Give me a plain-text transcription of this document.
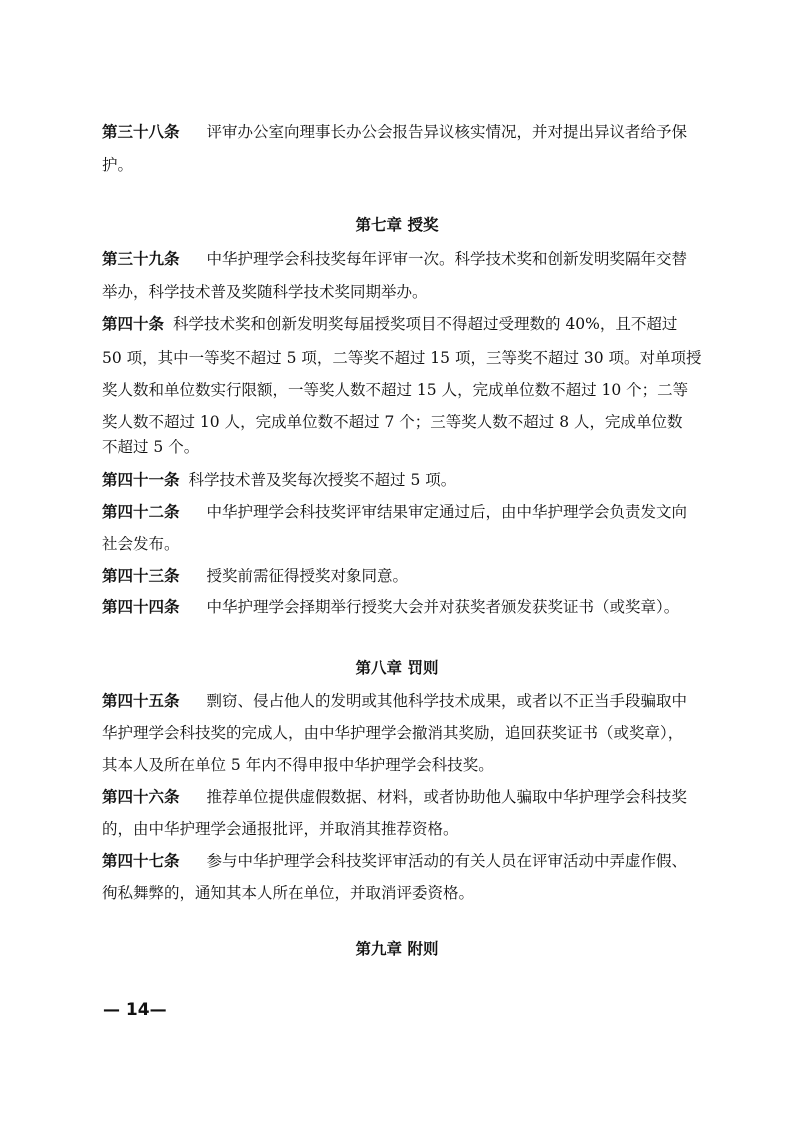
第三十八条 评审办公室向理事长办公会报告异议核实情况，并对提出异议者给予保
护。
第七章 授奖
第三十九条 中华护理学会科技奖每年评审一次。科学技术奖和创新发明奖隔年交替
举办，科学技术普及奖随科学技术奖同期举办。
第四十条 科学技术奖和创新发明奖每届授奖项目不得超过受理数的 40%，且不超过
50 项，其中一等奖不超过 5 项，二等奖不超过 15 项，三等奖不超过 30 项。对单项授
奖人数和单位数实行限额，一等奖人数不超过 15 人，完成单位数不超过 10 个；二等
奖人数不超过 10 人，完成单位数不超过 7 个；三等奖人数不超过 8 人，完成单位数
不超过 5 个。
第四十一条 科学技术普及奖每次授奖不超过 5 项。
第四十二条 中华护理学会科技奖评审结果审定通过后，由中华护理学会负责发文向
社会发布。
第四十三条 授奖前需征得授奖对象同意。
第四十四条 中华护理学会择期举行授奖大会并对获奖者颁发获奖证书（或奖章）。
第八章 罚则
第四十五条 剽窃、侵占他人的发明或其他科学技术成果，或者以不正当手段骗取中
华护理学会科技奖的完成人，由中华护理学会撤消其奖励，追回获奖证书（或奖章），
其本人及所在单位 5 年内不得申报中华护理学会科技奖。
第四十六条 推荐单位提供虚假数据、材料，或者协助他人骗取中华护理学会科技奖
的，由中华护理学会通报批评，并取消其推荐资格。
第四十七条 参与中华护理学会科技奖评审活动的有关人员在评审活动中弄虚作假、
徇私舞弊的，通知其本人所在单位，并取消评委资格。
第九章 附则
— 14—
